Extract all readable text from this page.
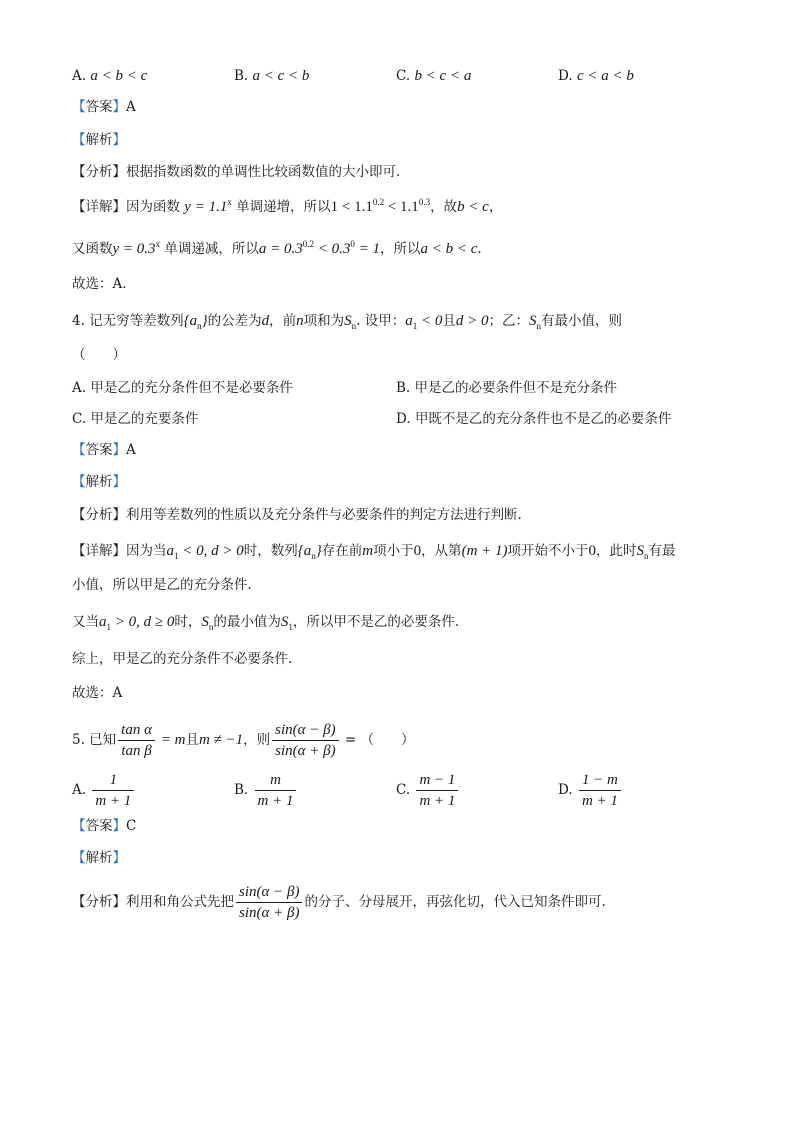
A. a < b < c	B. a < c < b	C. b < c < a	D. c < a < b
【答案】A
【解析】
【分析】根据指数函数的单调性比较函数值的大小即可.
【详解】因为函数 $y = 1.1^x$ 单调递增，所以$1 < 1.1^{0.2} < 1.1^{0.3}$，故b < c，
又函数$y = 0.3^x$ 单调递减，所以$a = 0.3^{0.2} < 0.3^0 = 1$，所以a < b < c.
故选：A.
4. 记无穷等差数列$\{a_n\}$的公差为d，前n项和为$S_n$. 设甲：$a_1 < 0$且d > 0；乙：$S_n$有最小值，则
（　　）
A. 甲是乙的充分条件但不是必要条件	B. 甲是乙的必要条件但不是充分条件
C. 甲是乙的充要条件	D. 甲既不是乙的充分条件也不是乙的必要条件
【答案】A
【解析】
【分析】利用等差数列的性质以及充分条件与必要条件的判定方法进行判断.
【详解】因为当$a_1 < 0$, d > 0时，数列$\{a_n\}$存在前m项小于0，从第(m + 1)项开始不小于0，此时$S_n$有最
小值，所以甲是乙的充分条件.
又当$a_1 > 0$, d ≥ 0时，$S_n$的最小值为$S_1$，所以甲不是乙的必要条件.
综上，甲是乙的充分条件不必要条件.
故选：A
5. 已知 $\frac{\text{tan α}}{\text{tan β}} = m$且m ≠ −1，则 $\frac{\sin(\alpha - \beta)}{\sin(\alpha + \beta)}$ = （　　）
A. $\frac{1}{m + 1}$	B. $\frac{m}{m + 1}$	C. $\frac{m - 1}{m + 1}$	D. $\frac{1 - m}{m + 1}$
【答案】C
【解析】
【分析】利用和角公式先把 $\frac{\sin(\alpha - \beta)}{\sin(\alpha + \beta)}$ 的分子、分母展开，再弦化切，代入已知条件即可.
